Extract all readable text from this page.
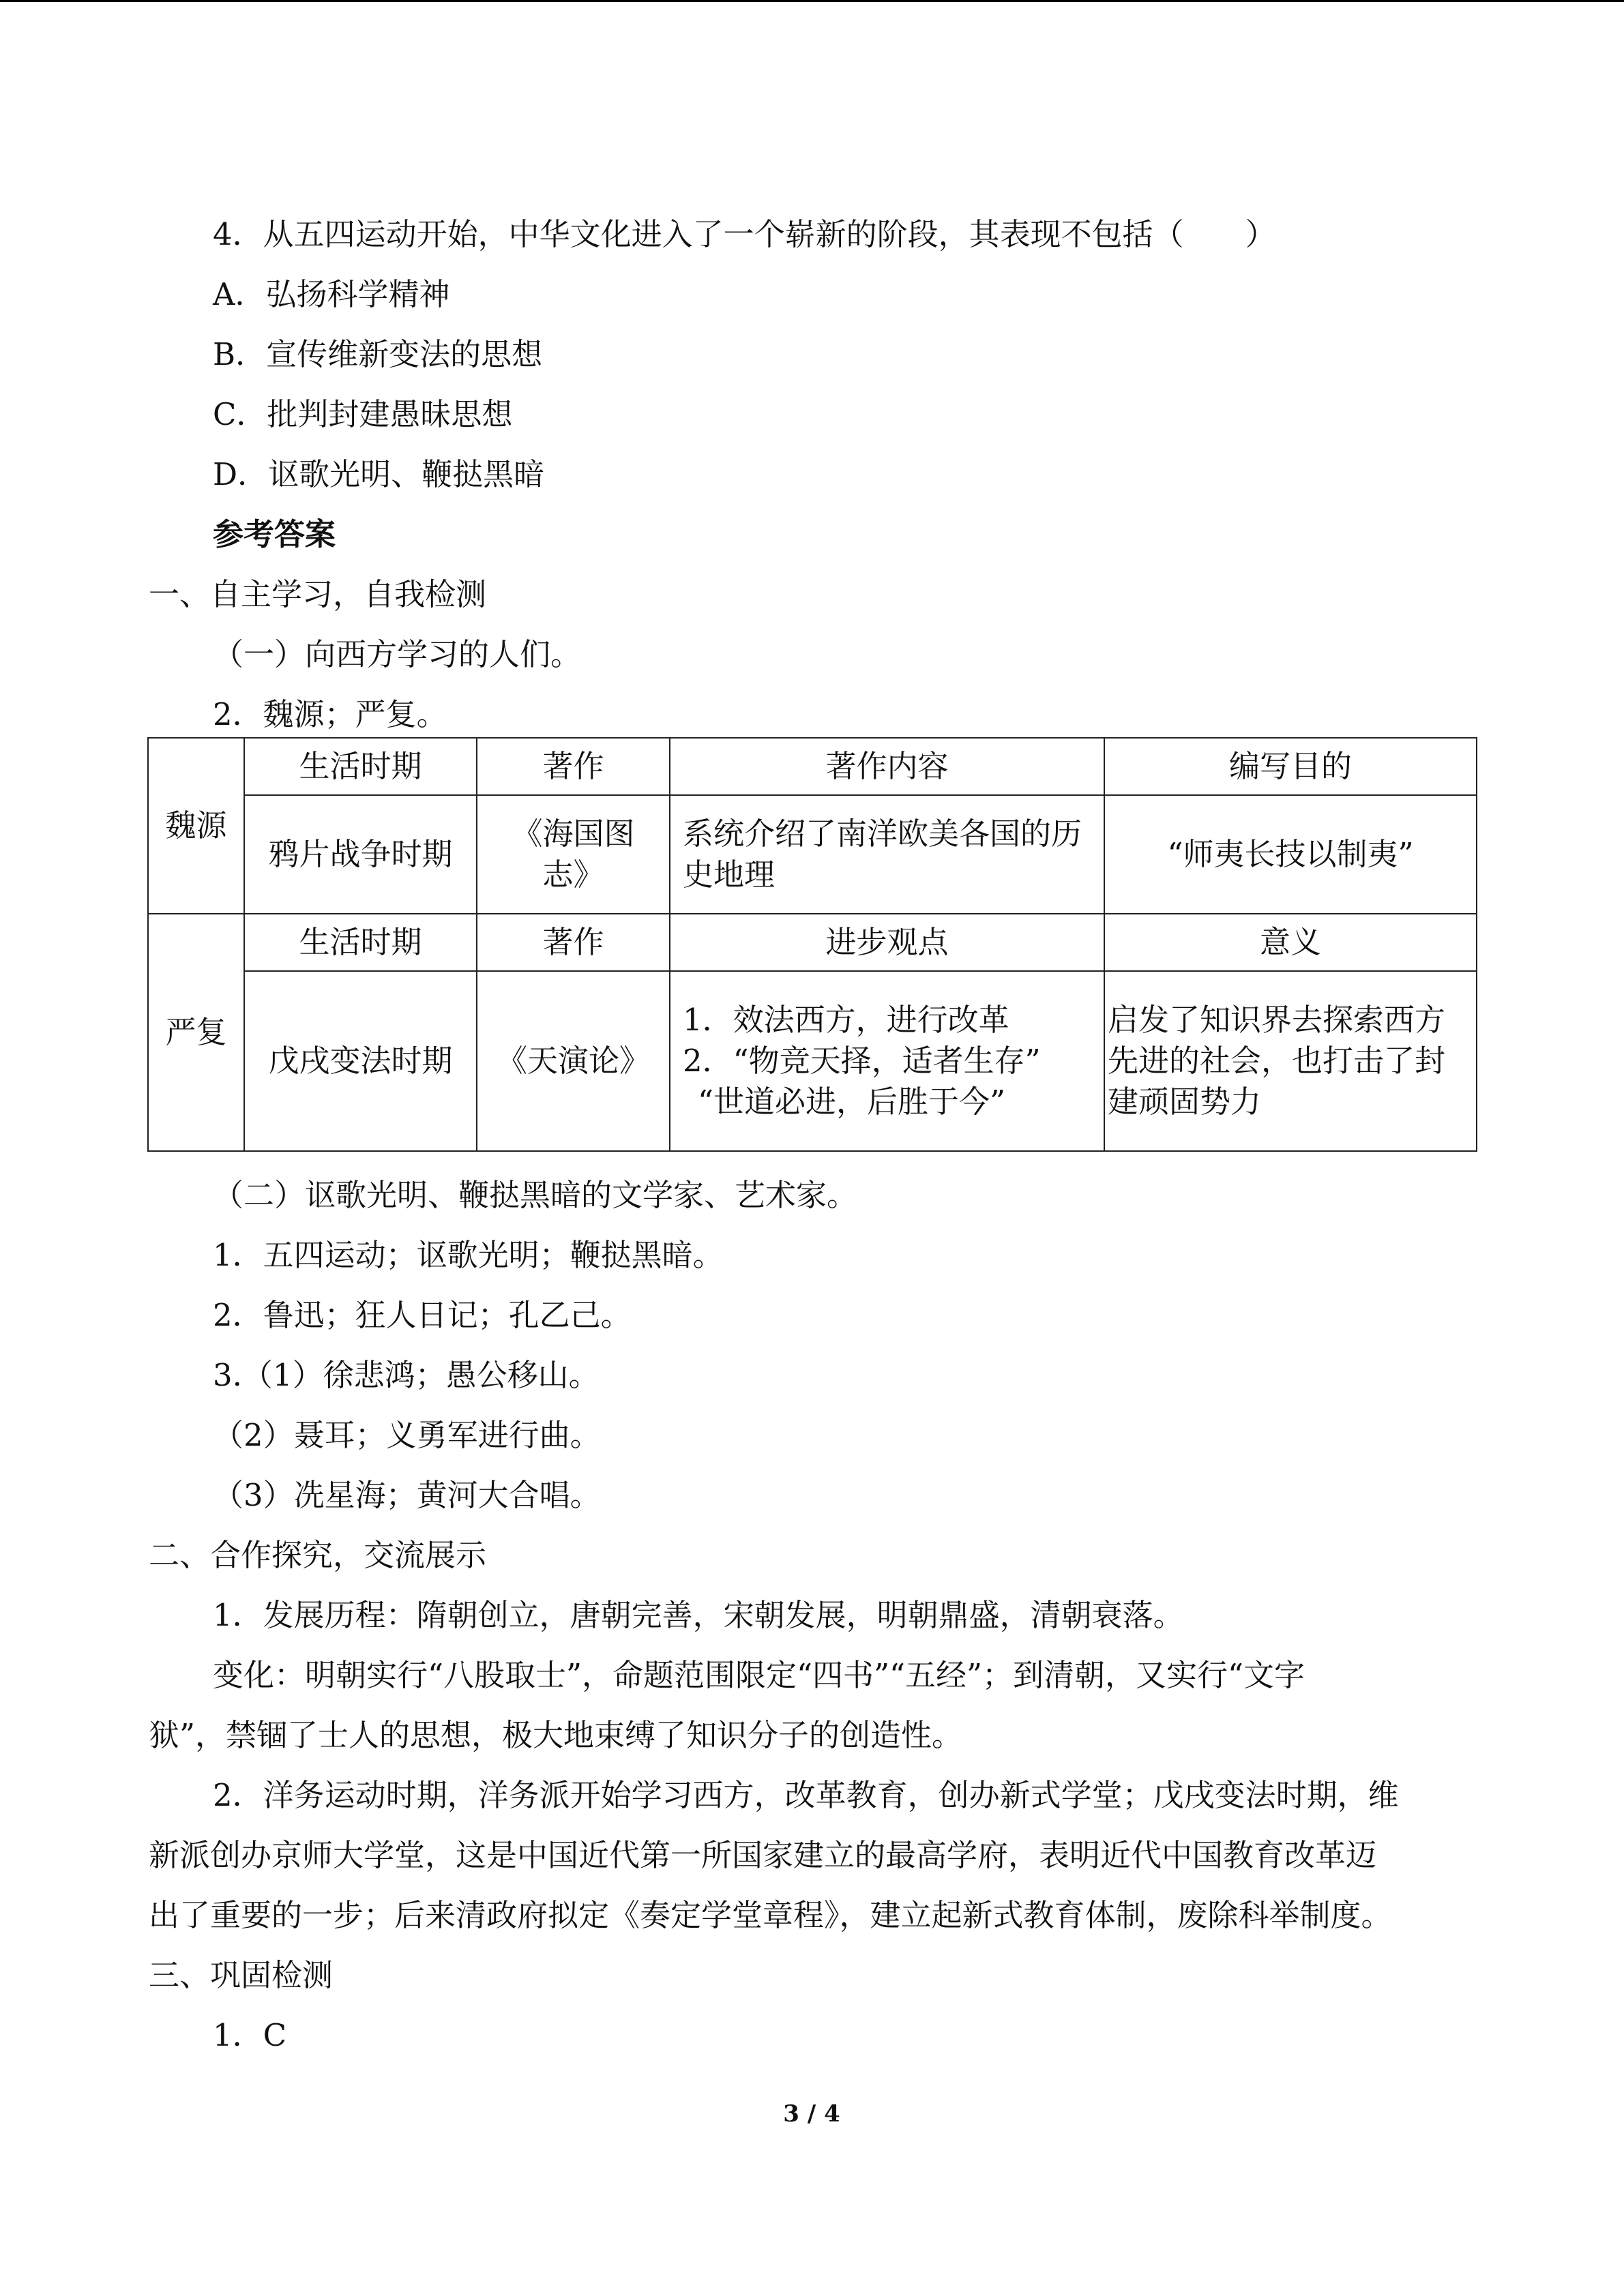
4．从五四运动开始，中华文化进入了一个崭新的阶段，其表现不包括（　　）

A．弘扬科学精神

B．宣传维新变法的思想

C．批判封建愚昧思想

D．讴歌光明、鞭挞黑暗

参考答案

一、自主学习，自我检测

（一）向西方学习的人们。

2．魏源；严复。

魏源	生活时期	著作	著作内容	编写目的
	鸦片战争时期	《海国图志》	系统介绍了南洋欧美各国的历史地理	“师夷长技以制夷”
严复	生活时期	著作	进步观点	意义
	戊戌变法时期	《天演论》	1．效法西方，进行改革
2．“物竞天择，适者生存”
“世道必进，后胜于今”	启发了知识界去探索西方先进的社会，也打击了封建顽固势力

（二）讴歌光明、鞭挞黑暗的文学家、艺术家。

1．五四运动；讴歌光明；鞭挞黑暗。

2．鲁迅；狂人日记；孔乙己。

3.（1）徐悲鸿；愚公移山。

（2）聂耳；义勇军进行曲。

（3）冼星海；黄河大合唱。

二、合作探究，交流展示

1．发展历程：隋朝创立，唐朝完善，宋朝发展，明朝鼎盛，清朝衰落。

变化：明朝实行“八股取士”，命题范围限定“四书”“五经”；到清朝，又实行“文字

狱”，禁锢了士人的思想，极大地束缚了知识分子的创造性。

2．洋务运动时期，洋务派开始学习西方，改革教育，创办新式学堂；戊戌变法时期，维

新派创办京师大学堂，这是中国近代第一所国家建立的最高学府，表明近代中国教育改革迈

出了重要的一步；后来清政府拟定《奏定学堂章程》，建立起新式教育体制，废除科举制度。

三、巩固检测

1．C

3 / 4
